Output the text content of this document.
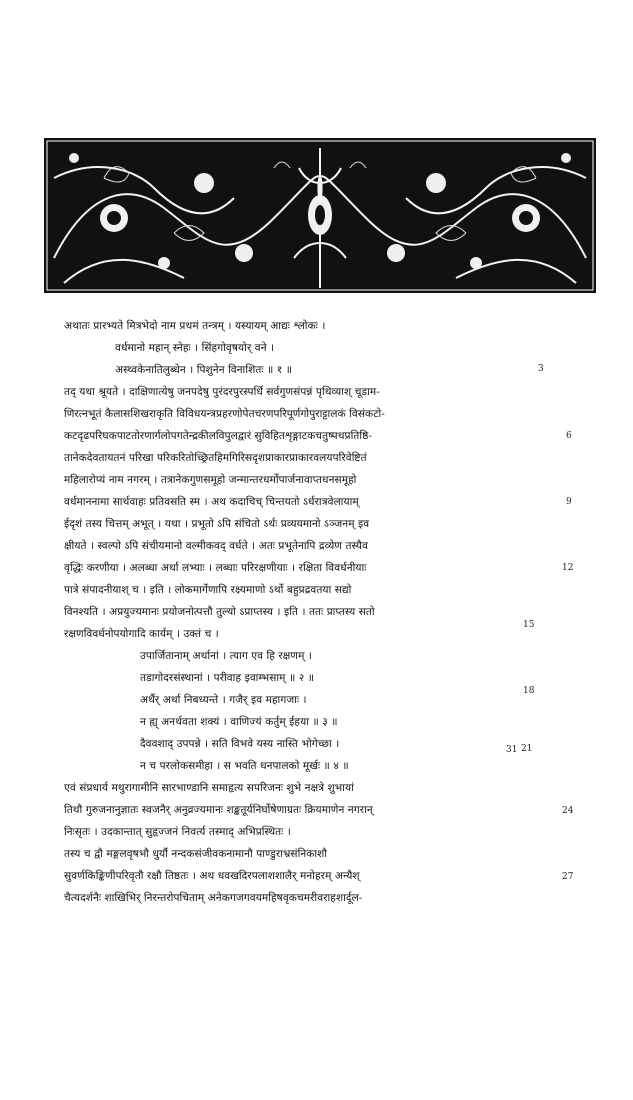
अथातः प्रारभ्यते मित्रभेदो नाम प्रथमं तन्त्रम् । यस्यायम् आद्यः श्लोकः ।
वर्धमानो महान् स्नेहः । सिंहगोवृषयोर् वने ।
अस्थ्वकेनातिलुब्धेन । पिशुनेन विनाशितः ॥ १ ॥	3
तद् यथा श्रूयते । दाक्षिणात्येषु जनपदेषु पुरंदरपुरस्पर्धि सर्वगुणसंपन्नं पृथिव्याश् चूडाम-
णिरत्नभूतं कैलासशिखराकृति विविधयन्त्रप्रहरणोपेतचरणपरिपूर्णगोपुराट्टालकं विसंकटो-
कटदृढपरिघकपाटतोरणार्गलोपगतेन्द्रकीलविपुलद्वारं सुविहितशृङ्गाटकचतुष्पथप्रतिष्ठि-	6
तानेकदेवतायतनं परिखा परिकरितोच्छ्रितहिमगिरिसदृशप्राकारप्राकारवलयपरिवेष्टितं
महिलारोप्यं नाम नगरम् । तत्रानेकगुणसमूहो जन्मान्तरधर्मोपार्जनावाप्तधनसमूहो
वर्धमाननामा सार्थवाहः प्रतिवसति स्म । अथ कदाचिच् चिन्तयतो ऽर्धरात्रवेलायाम्	9
ईदृशं तस्य चित्तम् अभूत् । यथा । प्रभूतो ऽपि संचितो ऽर्थः प्रव्ययमानो ऽञ्जनम् इव
क्षीयते । स्वल्पो ऽपि संचीयमानो वल्मीकवद् वर्धते । अतः प्रभूतेनापि द्रव्येण तस्यैव
वृद्धिः करणीया । अलब्धा अर्था लभ्याः । लब्धाः परिरक्षणीयाः । रक्षिता विवर्धनीयाः	12
पात्रे संपादनीयाश् च । इति । लोकमार्गेणापि रक्ष्यमाणो ऽर्थो बहुप्रद्रवतया सद्यो
विनश्यति । अप्रयुज्यमानः प्रयोजनोत्पत्तौ तुल्यो ऽप्राप्तस्य । इति । ततः प्राप्तस्य सतो
रक्षणविवर्धनोपयोगादि कार्यम् । उक्तं च ।
15
उपार्जितानाम् अर्थानां । त्याग एव हि रक्षणम् ।
तडागोदरसंस्थानां । परीवाह इवाम्भसाम् ॥ २ ॥
अर्थैर् अर्था निबध्यन्ते । गजैर् इव महागजाः ।
18
न ह्य् अनर्थवता शक्यं । वाणिज्यं कर्तुम् ईहया ॥ ३ ॥
दैववशाद् उपपन्ने । सति विभवे यस्य नास्ति भोगेच्छा ।
न च परलोकसमीहा । स भवति धनपालको मूर्खः ॥ ४ ॥
31 21
एवं संप्रधार्य मथुरागामीनि सारभाण्डानि समाहृत्य सपरिजनः शुभे नक्षत्रे शुभायां
तिथौ गुरुजनानुज्ञातः स्वजनैर् अनुव्रज्यमानः शङ्खतूर्यनिर्घोषेणाग्रतः क्रियमाणेन नगरान्	24
निःसृतः । उदकान्तात् सुहृज्जनं निवर्त्य तस्माद् अभिप्रस्थितः ।
तस्य च द्वौ मङ्गलवृषभौ धुर्यौ नन्दकसंजीवकनामानौ पाण्डुराभ्रसंनिकाशौ
सुवर्णकिङ्किणीपरिवृतौ रक्षौ तिष्ठतः । अथ धवखदिरपलाशशालैर् मनोहरम् अन्यैश्
चैत्यदर्शनैः शाखिभिर् निरन्तरोपचिताम् अनेकगजगवयमहिषवृकचमरीवराहशार्दूल-
27
